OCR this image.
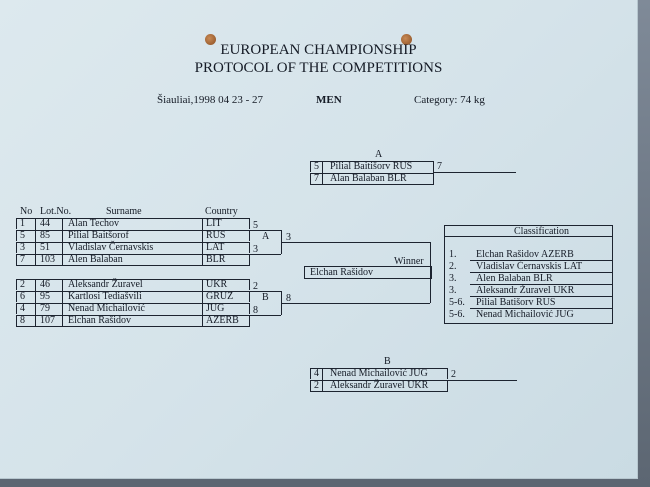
EUROPEAN CHAMPIONSHIP
PROTOCOL OF THE COMPETITIONS
Šiauliai,1998 04 23 - 27	MEN	Category: 74 kg
A
5 Pilial Baitišorv RUS
7 Alan Balaban BLR
7
No Lot.No.	Surname	Country
1 44 Alan Techov	LIT
5 85 Pilial Baitšorof	RUS
3 51 Vladislav Černavskis	LAT
7 103 Alen Balaban	BLR
2 46 Aleksandr Žuravel	UKR
6 95 Kartlosi Tediašvili	GRUZ
4 79 Nenad Michailović	JUG
8 107 Elchan Rašidov	AZERB
5
A
3
3
2
B
8
8
Winner
Elchan Rašidov
Classification
1. Elchan Rašidov AZERB
2. Vladislav Černavskis LAT
3. Alen Balaban BLR
3. Aleksandr Žuravel UKR
5-6. Pilial Batišorv RUS
5-6. Nenad Michailović JUG
B
4 Nenad Michailović JUG
2 Aleksandr Žuravel UKR
2
